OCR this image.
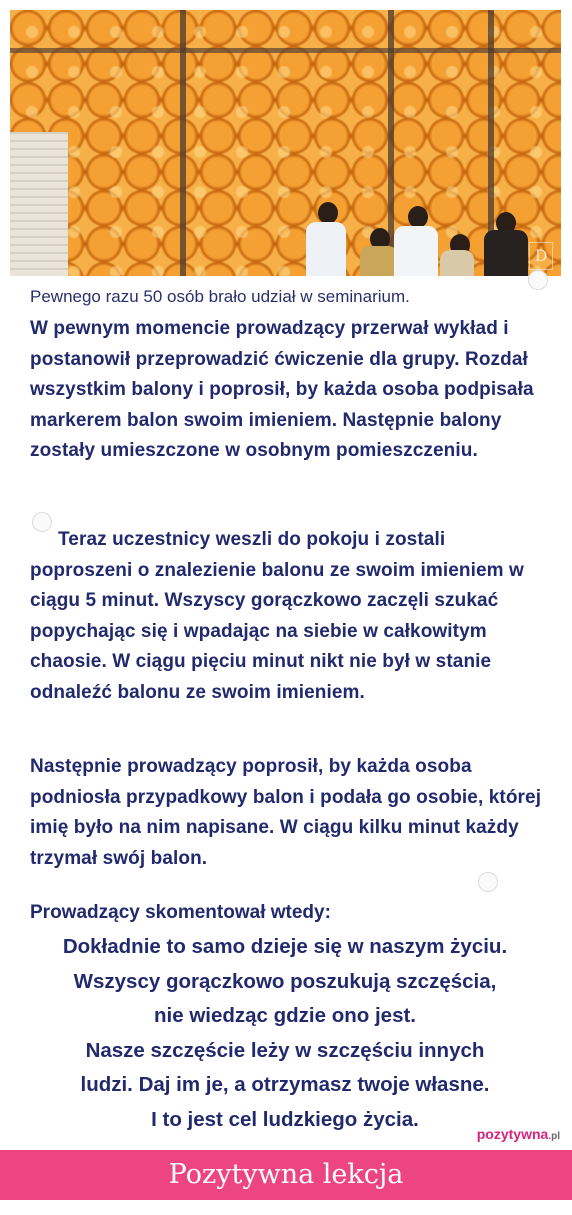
D
Pewnego razu 50 osób brało udział w seminarium.
W pewnym momencie prowadzący przerwał wykład i postanowił przeprowadzić ćwiczenie dla grupy. Rozdał wszystkim balony i poprosił, by każda osoba podpisała markerem balon swoim imieniem. Następnie balony zostały umieszczone w osobnym pomieszczeniu.
Teraz uczestnicy weszli do pokoju i zostali poproszeni o znalezienie balonu ze swoim imieniem w ciągu 5 minut. Wszyscy gorączkowo zaczęli szukać popychając się i wpadając na siebie w całkowitym chaosie. W ciągu pięciu minut nikt nie był w stanie odnaleźć balonu ze swoim imieniem.
Następnie prowadzący poprosił, by każda osoba podniosła przypadkowy balon i podała go osobie, której imię było na nim napisane. W ciągu kilku minut każdy trzymał swój balon.
Prowadzący skomentował wtedy:
Dokładnie to samo dzieje się w naszym życiu.
Wszyscy gorączkowo poszukują szczęścia,
nie wiedząc gdzie ono jest.
Nasze szczęście leży w szczęściu innych
ludzi. Daj im je, a otrzymasz twoje własne.
I to jest cel ludzkiego życia.
pozytywna.pl
Pozytywna lekcja
